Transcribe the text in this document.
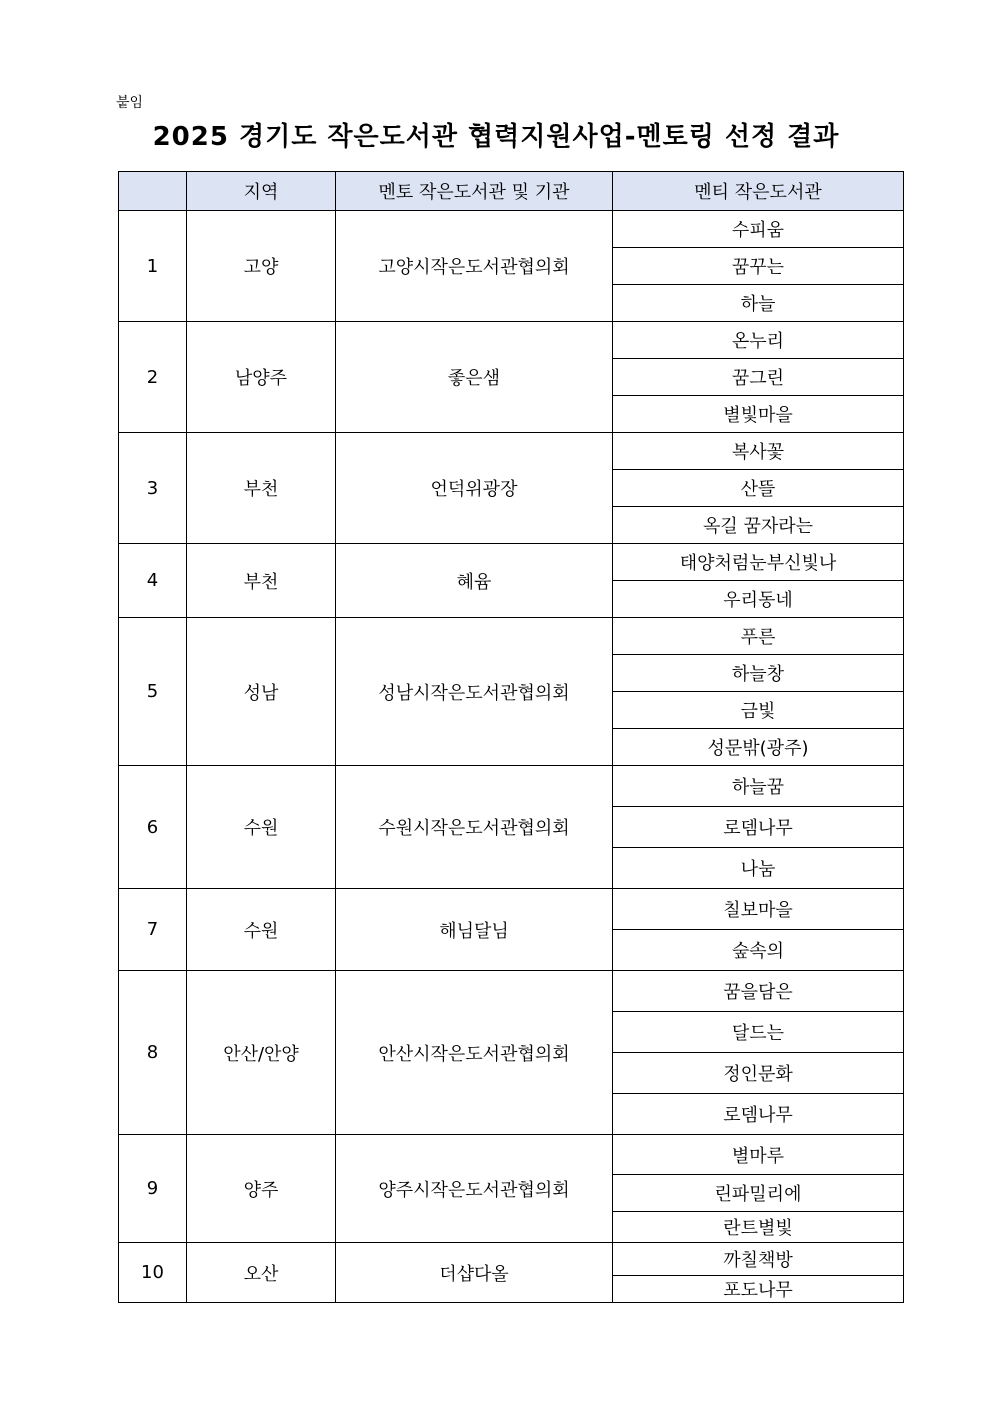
붙임
2025 경기도 작은도서관 협력지원사업-멘토링 선정 결과
	지역	멘토 작은도서관 및 기관	멘티 작은도서관
1	고양	고양시작은도서관협의회	수피움
			꿈꾸는
			하늘
2	남양주	좋은샘	온누리
			꿈그린
			별빛마을
3	부천	언덕위광장	복사꽃
			산뜰
			옥길 꿈자라는
4	부천	혜윰	태양처럼눈부신빛나
			우리동네
5	성남	성남시작은도서관협의회	푸른
			하늘창
			금빛
			성문밖(광주)
6	수원	수원시작은도서관협의회	하늘꿈
			로뎀나무
			나눔
7	수원	해님달님	칠보마을
			숲속의
8	안산/안양	안산시작은도서관협의회	꿈을담은
			달드는
			정인문화
			로뎀나무
9	양주	양주시작은도서관협의회	별마루
			린파밀리에
			란트별빛
10	오산	더샵다올	까칠책방
			포도나무
